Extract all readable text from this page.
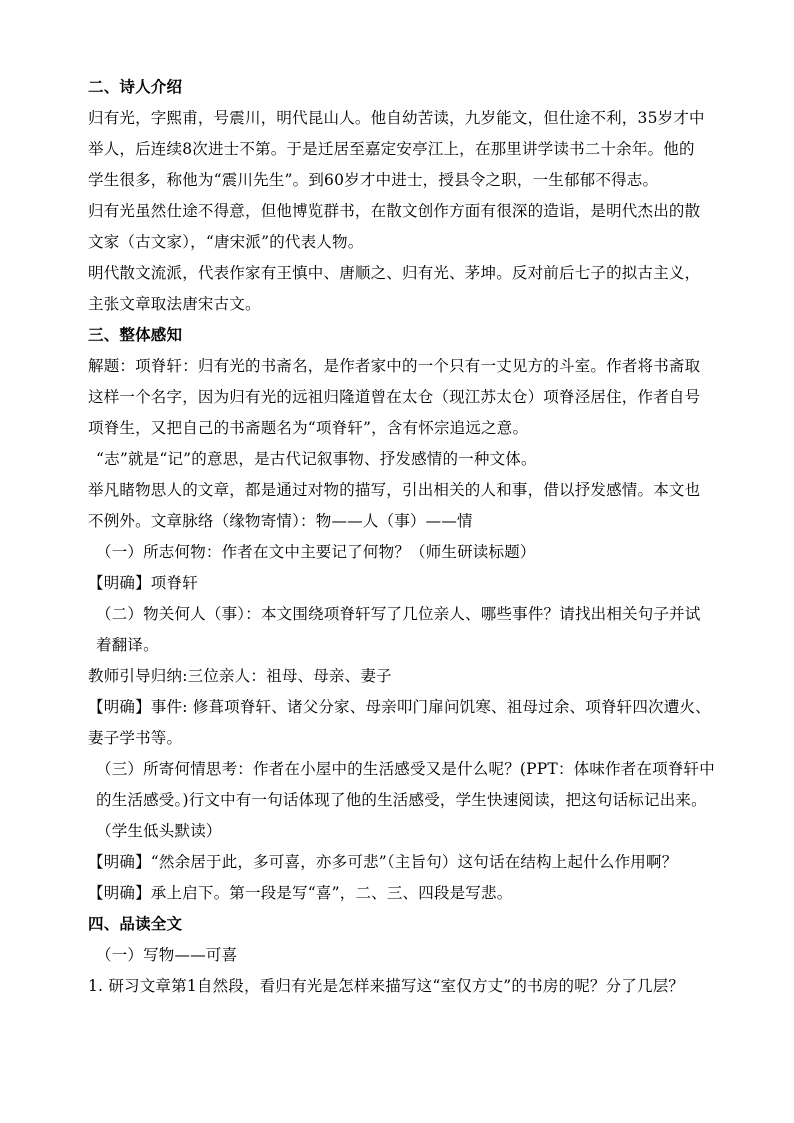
二、诗人介绍
归有光，字熙甫，号震川，明代昆山人。他自幼苦读，九岁能文，但仕途不利，35岁才中
举人，后连续8次进士不第。于是迁居至嘉定安亭江上，在那里讲学读书二十余年。他的
学生很多，称他为“震川先生”。到60岁才中进士，授县令之职，一生郁郁不得志。
归有光虽然仕途不得意，但他博览群书，在散文创作方面有很深的造诣，是明代杰出的散
文家（古文家），“唐宋派”的代表人物。
明代散文流派，代表作家有王慎中、唐顺之、归有光、茅坤。反对前后七子的拟古主义，
主张文章取法唐宋古文。
三、整体感知
解题：项脊轩：归有光的书斋名，是作者家中的一个只有一丈见方的斗室。作者将书斋取
这样一个名字，因为归有光的远祖归隆道曾在太仓（现江苏太仓）项脊泾居住，作者自号
项脊生，又把自己的书斋题名为“项脊轩”，含有怀宗追远之意。
“志”就是“记”的意思，是古代记叙事物、抒发感情的一种文体。
举凡睹物思人的文章，都是通过对物的描写，引出相关的人和事，借以抒发感情。本文也
不例外。文章脉络（缘物寄情）：物——人（事）——情
（一）所志何物：作者在文中主要记了何物？（师生研读标题）
【明确】项脊轩
（二）物关何人（事）：本文围绕项脊轩写了几位亲人、哪些事件？请找出相关句子并试
着翻译。
教师引导归纳:三位亲人：祖母、母亲、妻子
【明确】事件: 修葺项脊轩、诸父分家、母亲叩门扉问饥寒、祖母过余、项脊轩四次遭火、
妻子学书等。
（三）所寄何情思考：作者在小屋中的生活感受又是什么呢？(PPT：体味作者在项脊轩中
的生活感受。)行文中有一句话体现了他的生活感受，学生快速阅读，把这句话标记出来。
（学生低头默读）
【明确】“然余居于此，多可喜，亦多可悲”（主旨句）这句话在结构上起什么作用啊？
【明确】承上启下。第一段是写“喜”，二、三、四段是写悲。
四、品读全文
（一）写物——可喜
1. 研习文章第1自然段，看归有光是怎样来描写这“室仅方丈”的书房的呢？分了几层？
